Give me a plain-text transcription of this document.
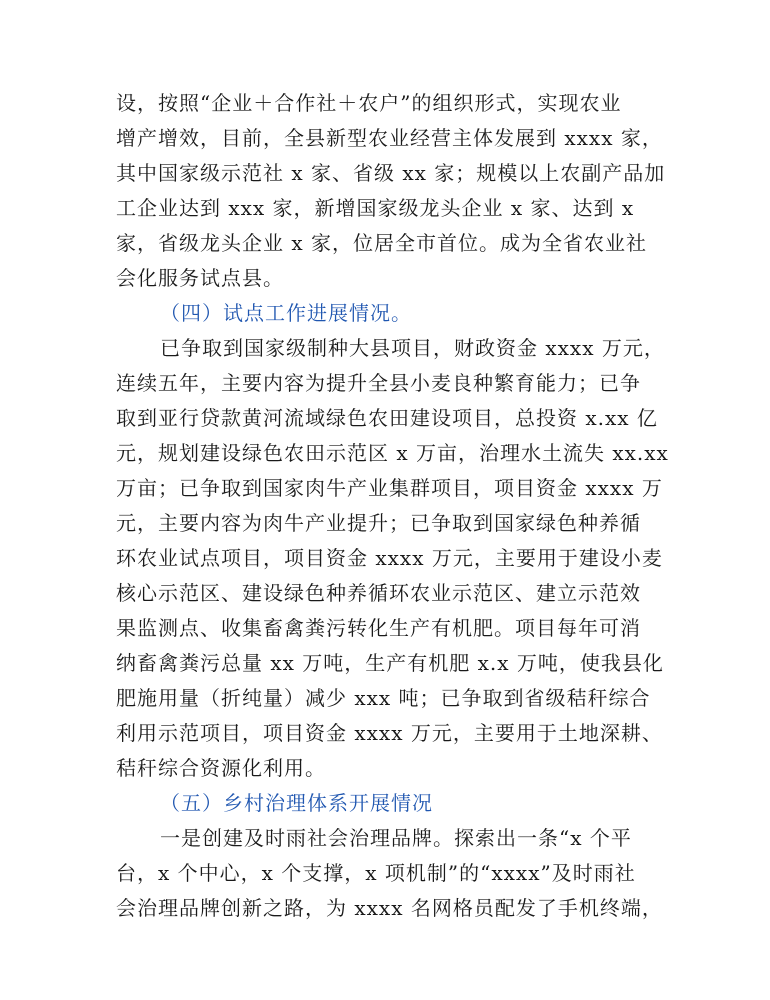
设，按照“企业＋合作社＋农户”的组织形式，实现农业
增产增效，目前，全县新型农业经营主体发展到 xxxx 家，
其中国家级示范社 x 家、省级 xx 家；规模以上农副产品加
工企业达到 xxx 家，新增国家级龙头企业 x 家、达到 x
家，省级龙头企业 x 家，位居全市首位。成为全省农业社
会化服务试点县。
（四）试点工作进展情况。
已争取到国家级制种大县项目，财政资金 xxxx 万元，
连续五年，主要内容为提升全县小麦良种繁育能力；已争
取到亚行贷款黄河流域绿色农田建设项目，总投资 x.xx 亿
元，规划建设绿色农田示范区 x 万亩，治理水土流失 xx.xx
万亩；已争取到国家肉牛产业集群项目，项目资金 xxxx 万
元，主要内容为肉牛产业提升；已争取到国家绿色种养循
环农业试点项目，项目资金 xxxx 万元，主要用于建设小麦
核心示范区、建设绿色种养循环农业示范区、建立示范效
果监测点、收集畜禽粪污转化生产有机肥。项目每年可消
纳畜禽粪污总量 xx 万吨，生产有机肥 x.x 万吨，使我县化
肥施用量（折纯量）减少 xxx 吨；已争取到省级秸秆综合
利用示范项目，项目资金 xxxx 万元，主要用于土地深耕、
秸秆综合资源化利用。
（五）乡村治理体系开展情况
一是创建及时雨社会治理品牌。探索出一条“x 个平
台，x 个中心，x 个支撑，x 项机制”的“xxxx”及时雨社
会治理品牌创新之路，为 xxxx 名网格员配发了手机终端，
